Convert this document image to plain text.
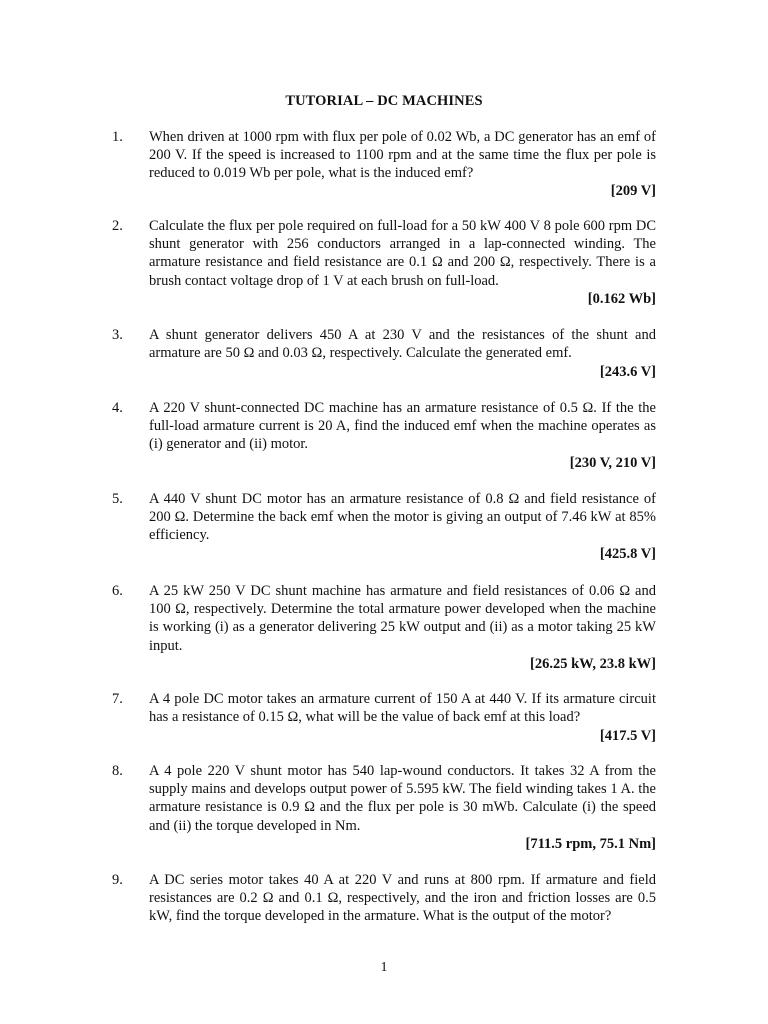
TUTORIAL – DC MACHINES
1. When driven at 1000 rpm with flux per pole of 0.02 Wb, a DC generator has an emf of 200 V. If the speed is increased to 1100 rpm and at the same time the flux per pole is reduced to 0.019 Wb per pole, what is the induced emf?
[209 V]
2. Calculate the flux per pole required on full-load for a 50 kW 400 V 8 pole 600 rpm DC shunt generator with 256 conductors arranged in a lap-connected winding. The armature resistance and field resistance are 0.1 Ω and 200 Ω, respectively. There is a brush contact voltage drop of 1 V at each brush on full-load.
[0.162 Wb]
3. A shunt generator delivers 450 A at 230 V and the resistances of the shunt and armature are 50 Ω and 0.03 Ω, respectively. Calculate the generated emf.
[243.6 V]
4. A 220 V shunt-connected DC machine has an armature resistance of 0.5 Ω. If the the full-load armature current is 20 A, find the induced emf when the machine operates as (i) generator and (ii) motor.
[230 V, 210 V]
5. A 440 V shunt DC motor has an armature resistance of 0.8 Ω and field resistance of 200 Ω. Determine the back emf when the motor is giving an output of 7.46 kW at 85% efficiency.
[425.8 V]
6. A 25 kW 250 V DC shunt machine has armature and field resistances of 0.06 Ω and 100 Ω, respectively. Determine the total armature power developed when the machine is working (i) as a generator delivering 25 kW output and (ii) as a motor taking 25 kW input.
[26.25 kW, 23.8 kW]
7. A 4 pole DC motor takes an armature current of 150 A at 440 V. If its armature circuit has a resistance of 0.15 Ω, what will be the value of back emf at this load?
[417.5 V]
8. A 4 pole 220 V shunt motor has 540 lap-wound conductors. It takes 32 A from the supply mains and develops output power of 5.595 kW. The field winding takes 1 A. the armature resistance is 0.9 Ω and the flux per pole is 30 mWb. Calculate (i) the speed and (ii) the torque developed in Nm.
[711.5 rpm, 75.1 Nm]
9. A DC series motor takes 40 A at 220 V and runs at 800 rpm. If armature and field resistances are 0.2 Ω and 0.1 Ω, respectively, and the iron and friction losses are 0.5 kW, find the torque developed in the armature. What is the output of the motor?
1
